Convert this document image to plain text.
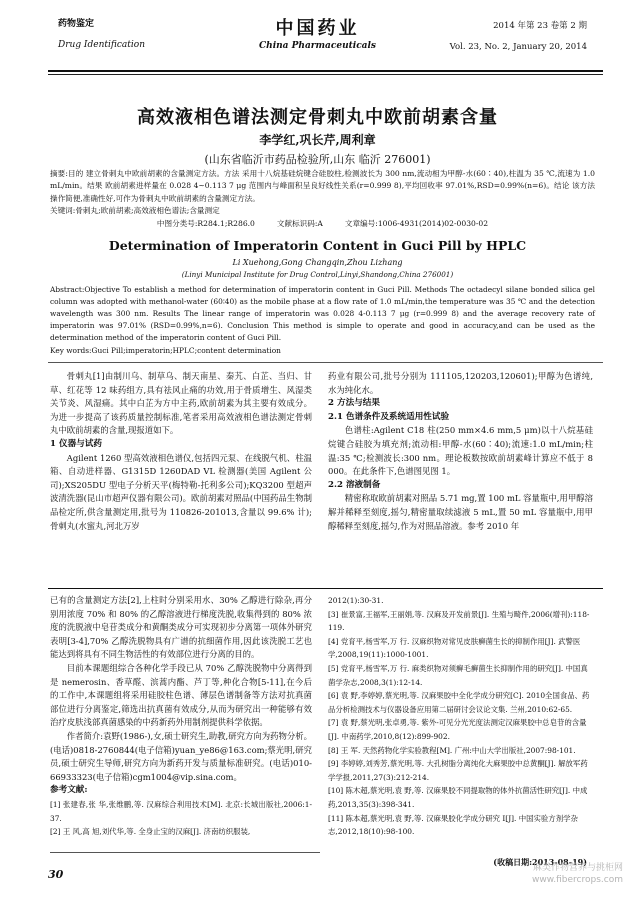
药物鉴定
Drug Identification
中国药业
China Pharmaceuticals
2014 年第 23 卷第 2 期
Vol. 23, No. 2, January 20, 2014
高效液相色谱法测定骨刺丸中欧前胡素含量
李学红,巩长芹,周利章
(山东省临沂市药品检验所,山东 临沂 276001)
摘要:目的 建立骨刺丸中欧前胡素的含量测定方法。方法 采用十八烷基硅烷键合硅胶柱,检测波长为 300 nm,流动相为甲醇-水(60∶40),柱温为 35 ℃,流速为 1.0 mL/min。结果 欧前胡素进样量在 0.028 4~0.113 7 μg 范围内与峰面积呈良好线性关系(r=0.999 8),平均回收率 97.01%,RSD=0.99%(n=6)。结论 该方法操作简便,准确性好,可作为骨刺丸中欧前胡素的含量测定方法。
关键词:骨刺丸;欧前胡素;高效液相色谱法;含量测定
中图分类号:R284.1;R286.0	文献标识码:A	文章编号:1006-4931(2014)02-0030-02
Determination of Imperatorin Content in Guci Pill by HPLC
Li Xuehong,Gong Changqin,Zhou Lizhang
(Linyi Municipal Institute for Drug Control,Linyi,Shandong,China 276001)
Abstract:Objective To establish a method for determination of imperatorin content in Guci Pill. Methods The octadecyl silane bonded silica gel column was adopted with methanol-water (60∶40) as the mobile phase at a flow rate of 1.0 mL/min,the temperature was 35 ℃ and the detection wavelength was 300 nm. Results The linear range of imperatorin was 0.028 4-0.113 7 μg (r=0.999 8) and the average recovery rate of imperatorin was 97.01% (RSD=0.99%,n=6). Conclusion This method is simple to operate and good in accuracy,and can be used as the determination method of the imperatorin content of Guci Pill.
Key words:Guci Pill;imperatorin;HPLC;content determination

骨刺丸[1]由制川乌、制草乌、制天南星、秦艽、白芷、当归、甘草、红花等 12 味药组方,具有祛风止痛的功效,用于骨质增生、风湿类关节炎、风湿痛。其中白芷为方中主药,欧前胡素为其主要有效成分。为进一步提高了该药质量控制标准,笔者采用高效液相色谱法测定骨刺丸中欧前胡素的含量,现报道如下。

1 仪器与试药

Agilent 1260 型高效液相色谱仪,包括四元泵、在线脱气机、柱温箱、自动进样器、G1315D 1260DAD VL 检测器(美国 Agilent 公司);XS205DU 型电子分析天平(梅特勒-托利多公司);KQ3200 型超声波清洗器(昆山市超声仪器有限公司)。欧前胡素对照品(中国药品生物制品检定所,供含量测定用,批号为 110826-201013,含量以 99.6% 计);骨刺丸(水蜜丸,河北万岁

药业有限公司,批号分别为 111105,120203,120601);甲醇为色谱纯,水为纯化水。

2 方法与结果

2.1 色谱条件及系统适用性试验

色谱柱:Agilent C18 柱(250 mm×4.6 mm,5 μm)以十八烷基硅烷键合硅胶为填充剂;流动相:甲醇-水(60∶40);流速:1.0 mL/min;柱温:35 ℃;检测波长:300 nm。理论板数按欧前胡素峰计算应不低于 8 000。在此条件下,色谱图见图 1。

2.2 溶液制备

精密称取欧前胡素对照品 5.71 mg,置 100 mL 容量瓶中,用甲醇溶解并稀释至刻度,摇匀,精密量取续滤液 5 mL,置 50 mL 容量瓶中,用甲醇稀释至刻度,摇匀,作为对照品溶液。参考 2010 年

已有的含量测定方法[2],上柱时分别采用水、30% 乙醇进行除杂,再分别用浓度 70% 和 80% 的乙醇溶液进行梯度洗脱,收集得到的 80% 浓度的洗脱液中皂苷类成分和黄酮类成分可实现初步分离第一项体外研究表明[3-4],70% 乙醇洗脱物具有广谱的抗细菌作用,因此该洗脱工艺也能达到将具有不同生物活性的有效部位进行分离的目的。

目前本课题组综合各种化学手段已从 70% 乙醇洗脱物中分离得到是 nemerosin、香草醛、滨蒿内酯、芦丁等,种化合物[5-11],在今后的工作中,本课题组将采用硅胶柱色谱、薄层色谱制备等方法对抗真菌部位进行分离鉴定,筛选出抗真菌有效成分,从而为研究出一种能够有效治疗皮肤浅部真菌感染的中药新药外用制剂提供科学依据。

作者简介:袁野(1986-),女,硕士研究生,助教,研究方向为药物分析。(电话)0818-2760844(电子信箱)yuan_ye86@163.com;蔡光明,研究员,硕士研究生导师,研究方向为新药开发与质量标准研究。(电话)010-66933323(电子信箱)cgm1004@vip.sina.com。

参考文献:

[1] 张建春,张 华,张维鹏,等. 汉麻综合利用技术[M]. 北京:长城出版社,2006:1-37.

[2] 王 风,高 旭,刘代华,等. 全身止宝的汉麻[J]. 济南纺织服装,

2012(1):30-31.

[3] 崔景富,王福军,王丽娟,等. 汉麻及开发前景[J]. 生殖与畸件,2006(增刊):118-119.

[4] 党育平,杨雪军,万 行. 汉麻织物对常见皮肤癣菌生长的抑制作用[J]. 武警医学,2008,19(11):1000-1001.

[5] 党育平,杨雪军,万 行. 麻类织物对须癣毛癣菌生长抑制作用的研究[J]. 中国真菌学杂志,2008,3(1):12-14.

[6] 袁 野,李婷婷,蔡光明,等. 汉麻果胶中全化学成分研究[C]. 2010全国食品、药品分析检测技术与仪器设备应用第二届研讨会议论文集. 兰州,2010:62-65.

[7] 袁 野,蔡光明,张卓勇,等. 紫外-可见分光光度法测定汉麻果胶中总皂苷的含量[J]. 中南药学,2010,8(12):899-902.

[8] 王 军. 天然药物化学实验教程[M]. 广州:中山大学出版社,2007:98-101.

[9] 李婷婷,刘秀芳,蔡光明,等. 大孔树脂分离纯化大麻果胶中总黄酮[J]. 解放军药学学报,2011,27(3):212-214.

[10] 陈木超,蔡光明,袁 野,等. 汉麻果胶不同提取物的体外抗菌活性研究[J]. 中成药,2013,35(3):398-341.

[11] 陈本超,蔡光明,袁 野,等. 汉麻果胶化学成分研究 Ⅰ[J]. 中国实验方剂学杂志,2012,18(10):98-100.

(收稿日期:2013-08-19)
30	麻类作物营养与挑柜网
www.fibercrops.com
